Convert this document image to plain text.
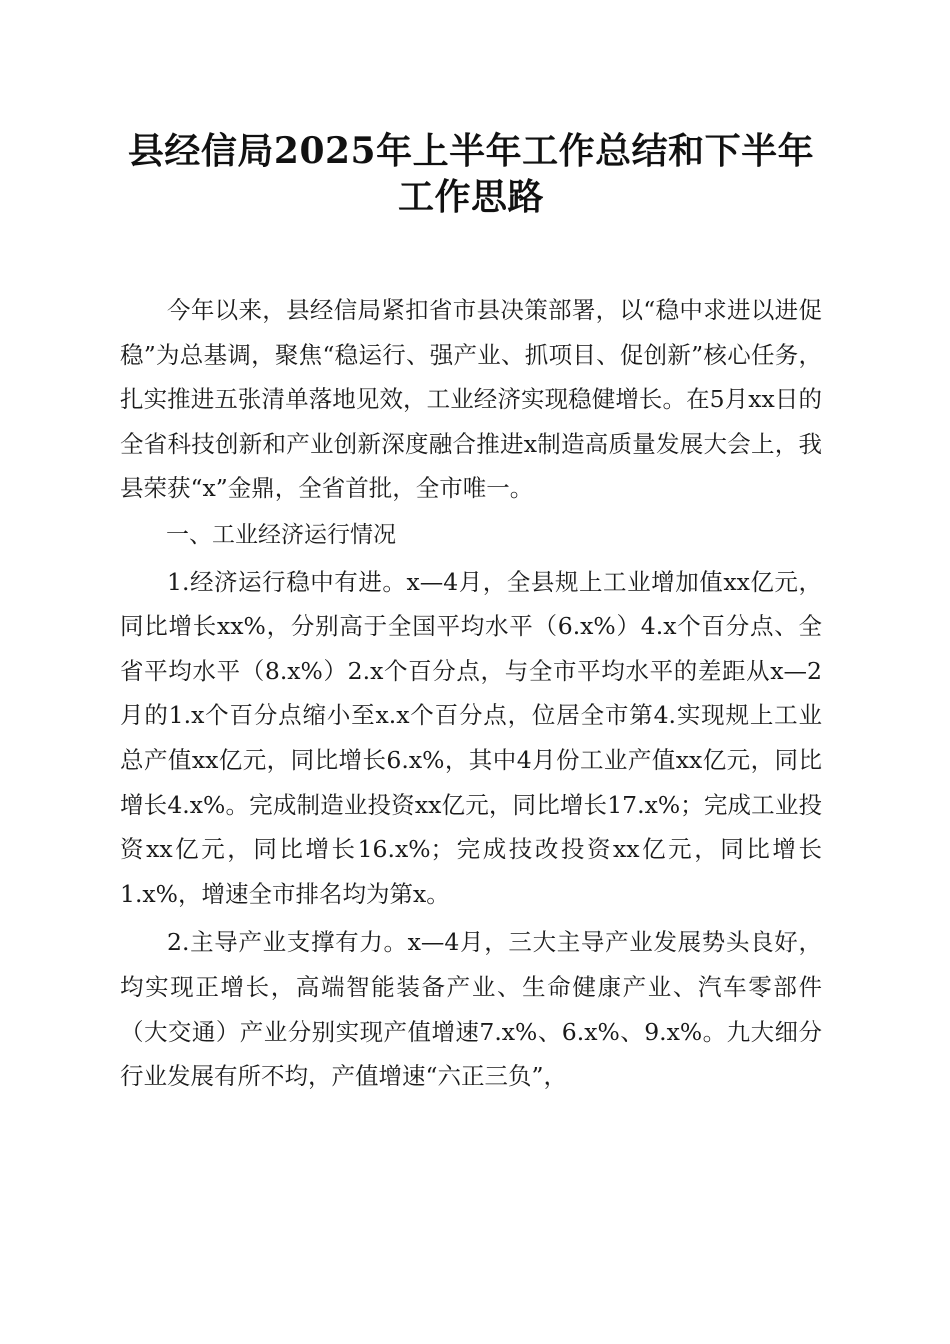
县经信局2025年上半年工作总结和下半年工作思路

今年以来，县经信局紧扣省市县决策部署，以“稳中求进以进促稳”为总基调，聚焦“稳运行、强产业、抓项目、促创新”核心任务，扎实推进五张清单落地见效，工业经济实现稳健增长。在5月xx日的全省科技创新和产业创新深度融合推进x制造高质量发展大会上，我县荣获“x”金鼎，全省首批，全市唯一。

一、工业经济运行情况

1.经济运行稳中有进。x—4月，全县规上工业增加值xx亿元，同比增长xx%，分别高于全国平均水平（6.x%）4.x个百分点、全省平均水平（8.x%）2.x个百分点，与全市平均水平的差距从x—2月的1.x个百分点缩小至x.x个百分点，位居全市第4.实现规上工业总产值xx亿元，同比增长6.x%，其中4月份工业产值xx亿元，同比增长4.x%。完成制造业投资xx亿元，同比增长17.x%；完成工业投资xx亿元，同比增长16.x%；完成技改投资xx亿元，同比增长1.x%，增速全市排名均为第x。

2.主导产业支撑有力。x—4月，三大主导产业发展势头良好，均实现正增长，高端智能装备产业、生命健康产业、汽车零部件（大交通）产业分别实现产值增速7.x%、6.x%、9.x%。九大细分行业发展有所不均，产值增速“六正三负”，
